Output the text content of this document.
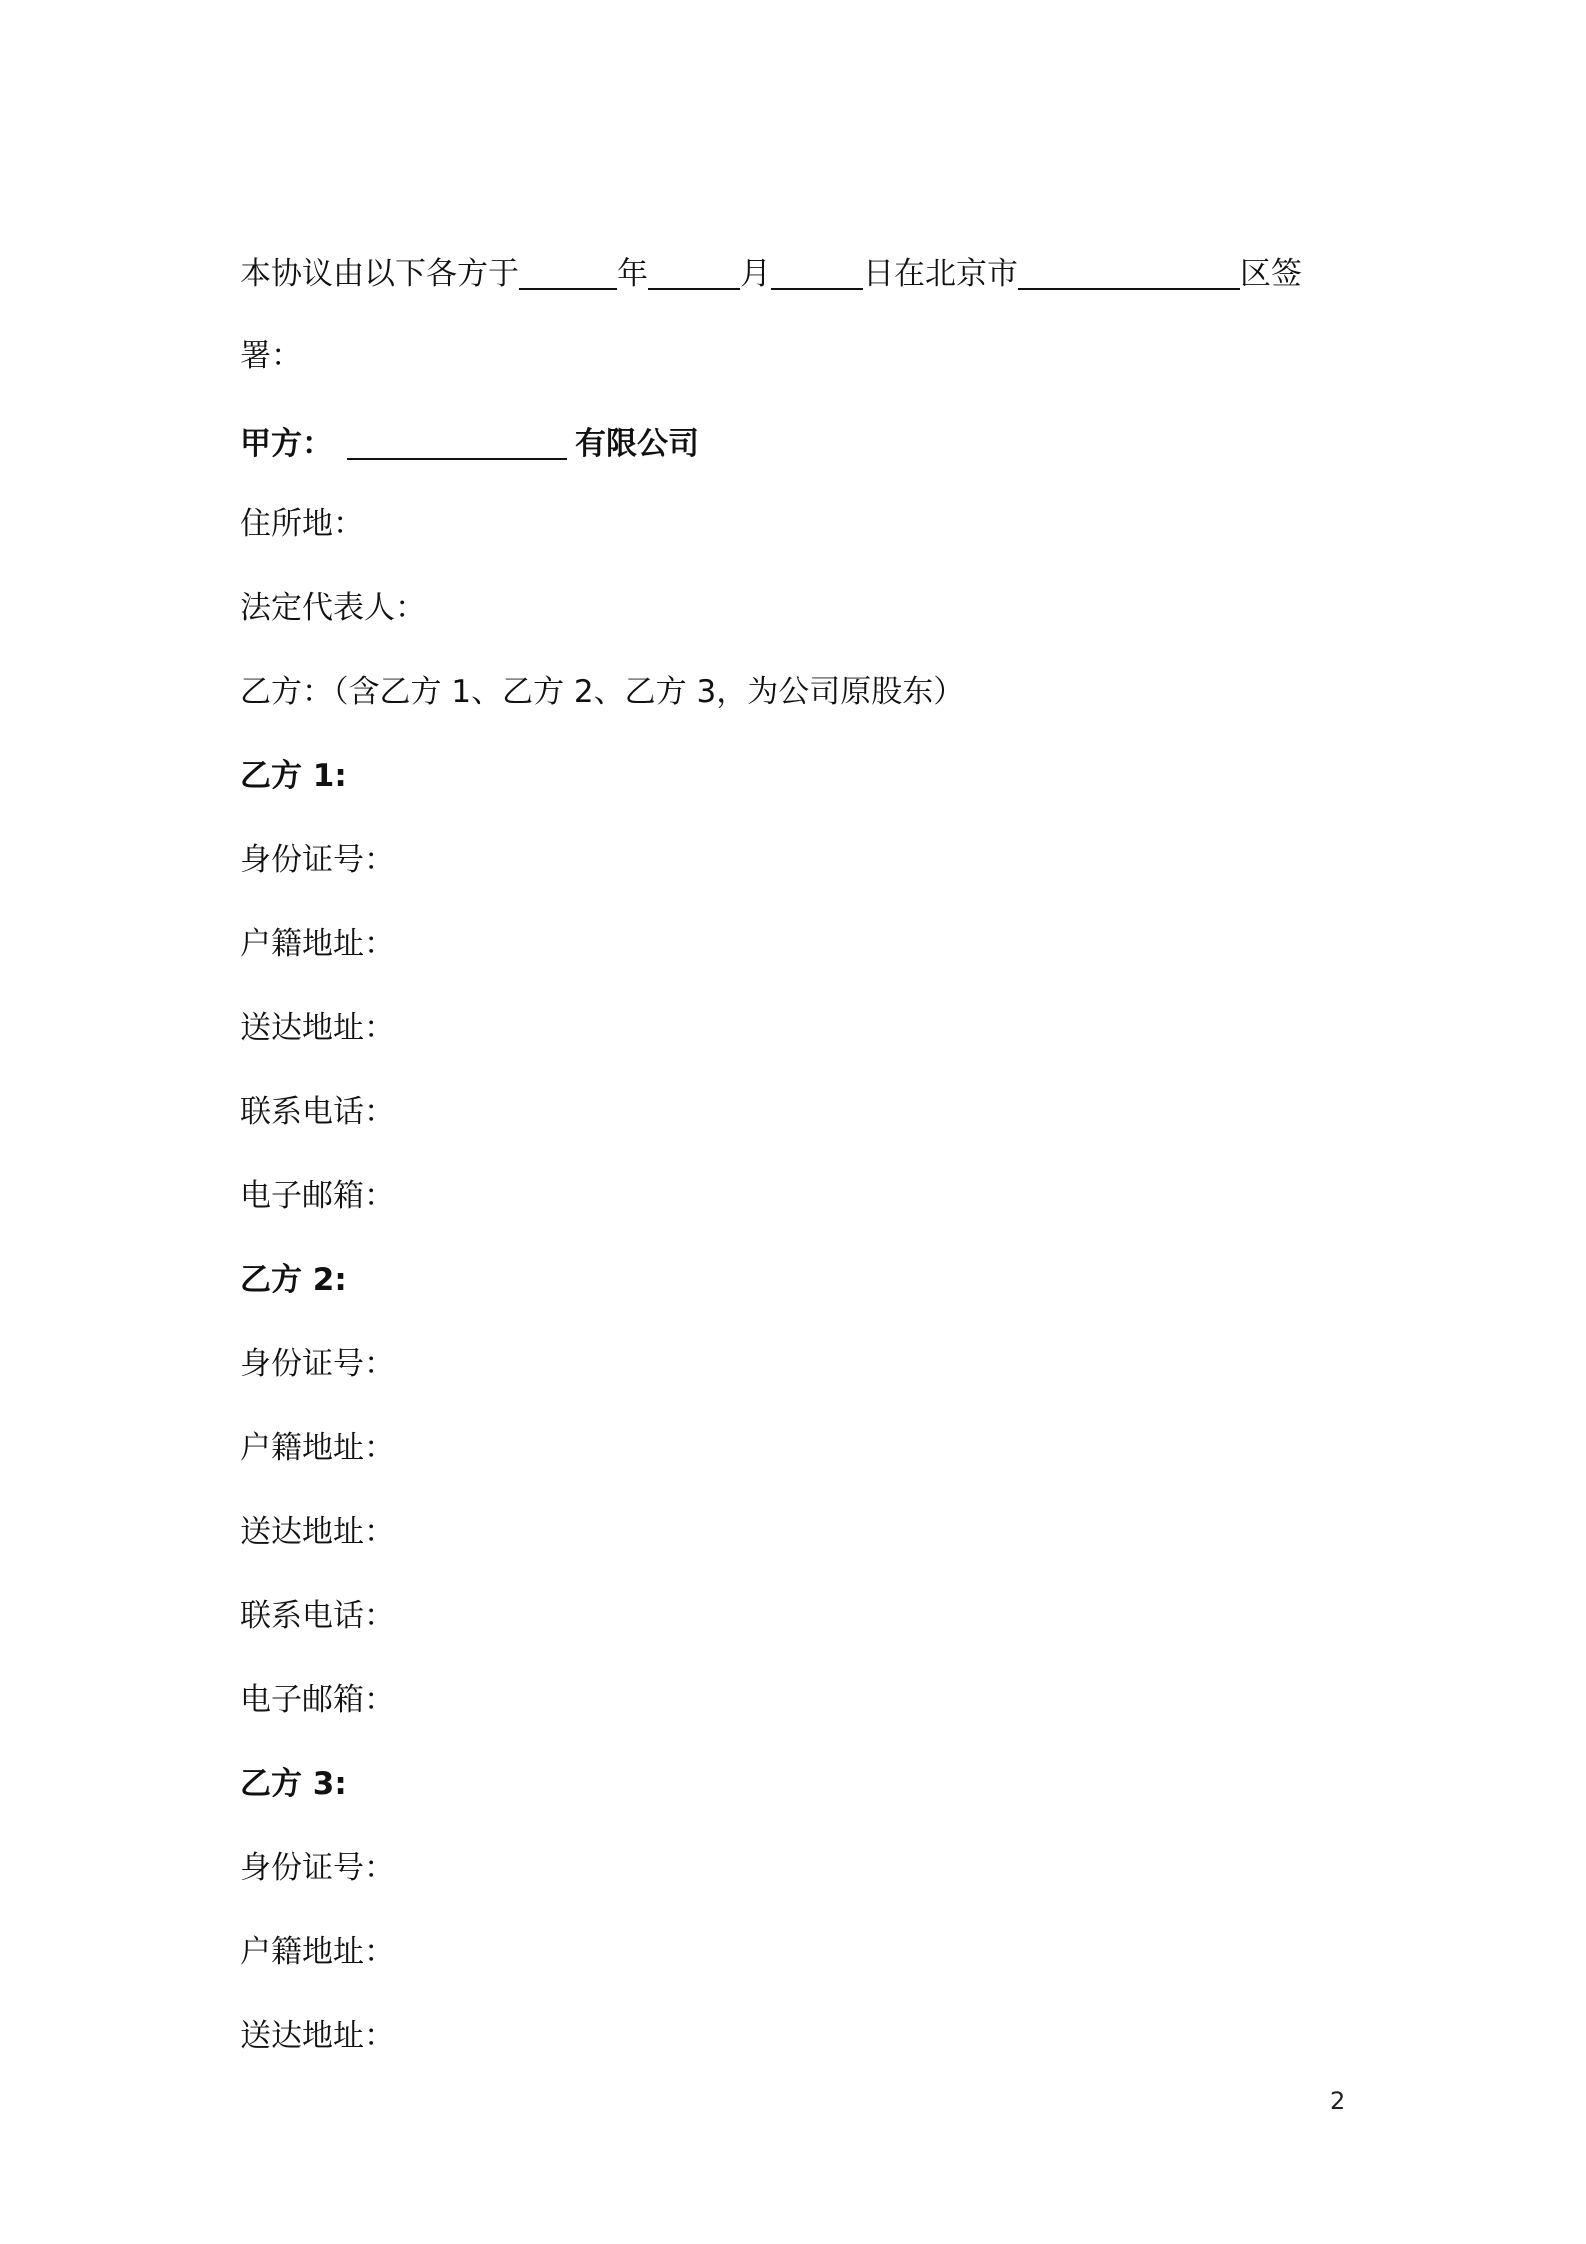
本协议由以下各方于	年	月	日在北京市	区签
署：
甲方：	有限公司
住所地：
法定代表人：
乙方：（含乙方 1、乙方 2、乙方 3，为公司原股东）
乙方 1:
身份证号：
户籍地址：
送达地址：
联系电话：
电子邮箱：
乙方 2:
身份证号：
户籍地址：
送达地址：
联系电话：
电子邮箱：
乙方 3:
身份证号：
户籍地址：
送达地址：
2
